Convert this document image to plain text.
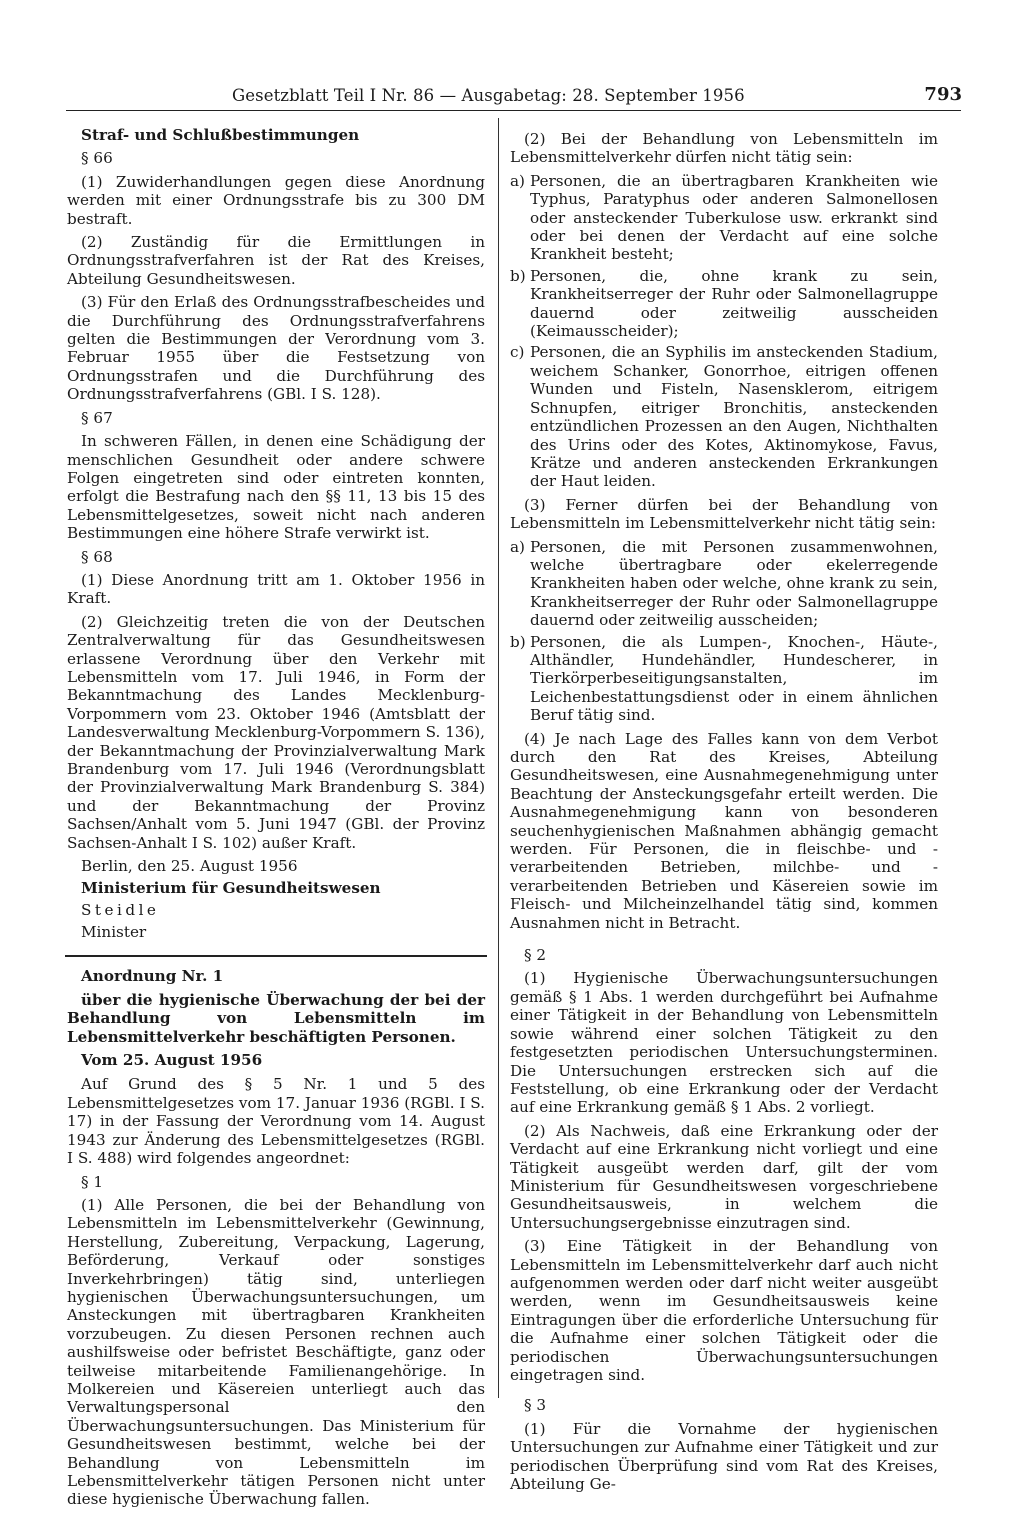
Gesetzblatt Teil I Nr. 86 — Ausgabetag: 28. September 1956	793

Straf- und Schlußbestimmungen

§ 66

(1) Zuwiderhandlungen gegen diese Anordnung werden mit einer Ordnungsstrafe bis zu 300 DM bestraft.

(2) Zuständig für die Ermittlungen in Ordnungsstrafverfahren ist der Rat des Kreises, Abteilung Gesundheitswesen.

(3) Für den Erlaß des Ordnungsstrafbescheides und die Durchführung des Ordnungsstrafverfahrens gelten die Bestimmungen der Verordnung vom 3. Februar 1955 über die Festsetzung von Ordnungsstrafen und die Durchführung des Ordnungsstrafverfahrens (GBl. I S. 128).

§ 67

In schweren Fällen, in denen eine Schädigung der menschlichen Gesundheit oder andere schwere Folgen eingetreten sind oder eintreten konnten, erfolgt die Bestrafung nach den §§ 11, 13 bis 15 des Lebensmittelgesetzes, soweit nicht nach anderen Bestimmungen eine höhere Strafe verwirkt ist.

§ 68

(1) Diese Anordnung tritt am 1. Oktober 1956 in Kraft.

(2) Gleichzeitig treten die von der Deutschen Zentralverwaltung für das Gesundheitswesen erlassene Verordnung über den Verkehr mit Lebensmitteln vom 17. Juli 1946, in Form der Bekanntmachung des Landes Mecklenburg-Vorpommern vom 23. Oktober 1946 (Amtsblatt der Landesverwaltung Mecklenburg-Vorpommern S. 136), der Bekanntmachung der Provinzialverwaltung Mark Brandenburg vom 17. Juli 1946 (Verordnungsblatt der Provinzialverwaltung Mark Brandenburg S. 384) und der Bekanntmachung der Provinz Sachsen/Anhalt vom 5. Juni 1947 (GBl. der Provinz Sachsen-Anhalt I S. 102) außer Kraft.

Berlin, den 25. August 1956

Ministerium für Gesundheitswesen

Steidle

Minister

Anordnung Nr. 1

über die hygienische Überwachung der bei der Behandlung von Lebensmitteln im Lebensmittelverkehr beschäftigten Personen.

Vom 25. August 1956

Auf Grund des § 5 Nr. 1 und 5 des Lebensmittelgesetzes vom 17. Januar 1936 (RGBl. I S. 17) in der Fassung der Verordnung vom 14. August 1943 zur Änderung des Lebensmittelgesetzes (RGBl. I S. 488) wird folgendes angeordnet:

§ 1

(1) Alle Personen, die bei der Behandlung von Lebensmitteln im Lebensmittelverkehr (Gewinnung, Herstellung, Zubereitung, Verpackung, Lagerung, Beförderung, Verkauf oder sonstiges Inverkehrbringen) tätig sind, unterliegen hygienischen Überwachungsuntersuchungen, um Ansteckungen mit übertragbaren Krankheiten vorzubeugen. Zu diesen Personen rechnen auch aushilfsweise oder befristet Beschäftigte, ganz oder teilweise mitarbeitende Familienangehörige. In Molkereien und Käsereien unterliegt auch das Verwaltungspersonal den Überwachungsuntersuchungen. Das Ministerium für Gesundheitswesen bestimmt, welche bei der Behandlung von Lebensmitteln im Lebensmittelverkehr tätigen Personen nicht unter diese hygienische Überwachung fallen.

(2) Bei der Behandlung von Lebensmitteln im Lebensmittelverkehr dürfen nicht tätig sein:

a) Personen, die an übertragbaren Krankheiten wie Typhus, Paratyphus oder anderen Salmonellosen oder ansteckender Tuberkulose usw. erkrankt sind oder bei denen der Verdacht auf eine solche Krankheit besteht;
b) Personen, die, ohne krank zu sein, Krankheitserreger der Ruhr oder Salmonellagruppe dauernd oder zeitweilig ausscheiden (Keimausscheider);
c) Personen, die an Syphilis im ansteckenden Stadium, weichem Schanker, Gonorrhoe, eitrigen offenen Wunden und Fisteln, Nasensklerom, eitrigem Schnupfen, eitriger Bronchitis, ansteckenden entzündlichen Prozessen an den Augen, Nichthalten des Urins oder des Kotes, Aktinomykose, Favus, Krätze und anderen ansteckenden Erkrankungen der Haut leiden.

(3) Ferner dürfen bei der Behandlung von Lebensmitteln im Lebensmittelverkehr nicht tätig sein:

a) Personen, die mit Personen zusammenwohnen, welche übertragbare oder ekelerregende Krankheiten haben oder welche, ohne krank zu sein, Krankheitserreger der Ruhr oder Salmonellagruppe dauernd oder zeitweilig ausscheiden;
b) Personen, die als Lumpen-, Knochen-, Häute-, Althändler, Hundehändler, Hundescherer, in Tierkörperbeseitigungsanstalten, im Leichenbestattungsdienst oder in einem ähnlichen Beruf tätig sind.

(4) Je nach Lage des Falles kann von dem Verbot durch den Rat des Kreises, Abteilung Gesundheitswesen, eine Ausnahmegenehmigung unter Beachtung der Ansteckungsgefahr erteilt werden. Die Ausnahmegenehmigung kann von besonderen seuchenhygienischen Maßnahmen abhängig gemacht werden. Für Personen, die in fleischbe- und -verarbeitenden Betrieben, milchbe- und -verarbeitenden Betrieben und Käsereien sowie im Fleisch- und Milcheinzelhandel tätig sind, kommen Ausnahmen nicht in Betracht.

§ 2

(1) Hygienische Überwachungsuntersuchungen gemäß § 1 Abs. 1 werden durchgeführt bei Aufnahme einer Tätigkeit in der Behandlung von Lebensmitteln sowie während einer solchen Tätigkeit zu den festgesetzten periodischen Untersuchungsterminen. Die Untersuchungen erstrecken sich auf die Feststellung, ob eine Erkrankung oder der Verdacht auf eine Erkrankung gemäß § 1 Abs. 2 vorliegt.

(2) Als Nachweis, daß eine Erkrankung oder der Verdacht auf eine Erkrankung nicht vorliegt und eine Tätigkeit ausgeübt werden darf, gilt der vom Ministerium für Gesundheitswesen vorgeschriebene Gesundheitsausweis, in welchem die Untersuchungsergebnisse einzutragen sind.

(3) Eine Tätigkeit in der Behandlung von Lebensmitteln im Lebensmittelverkehr darf auch nicht aufgenommen werden oder darf nicht weiter ausgeübt werden, wenn im Gesundheitsausweis keine Eintragungen über die erforderliche Untersuchung für die Aufnahme einer solchen Tätigkeit oder die periodischen Überwachungsuntersuchungen eingetragen sind.

§ 3

(1) Für die Vornahme der hygienischen Untersuchungen zur Aufnahme einer Tätigkeit und zur periodischen Überprüfung sind vom Rat des Kreises, Abteilung Ge-
